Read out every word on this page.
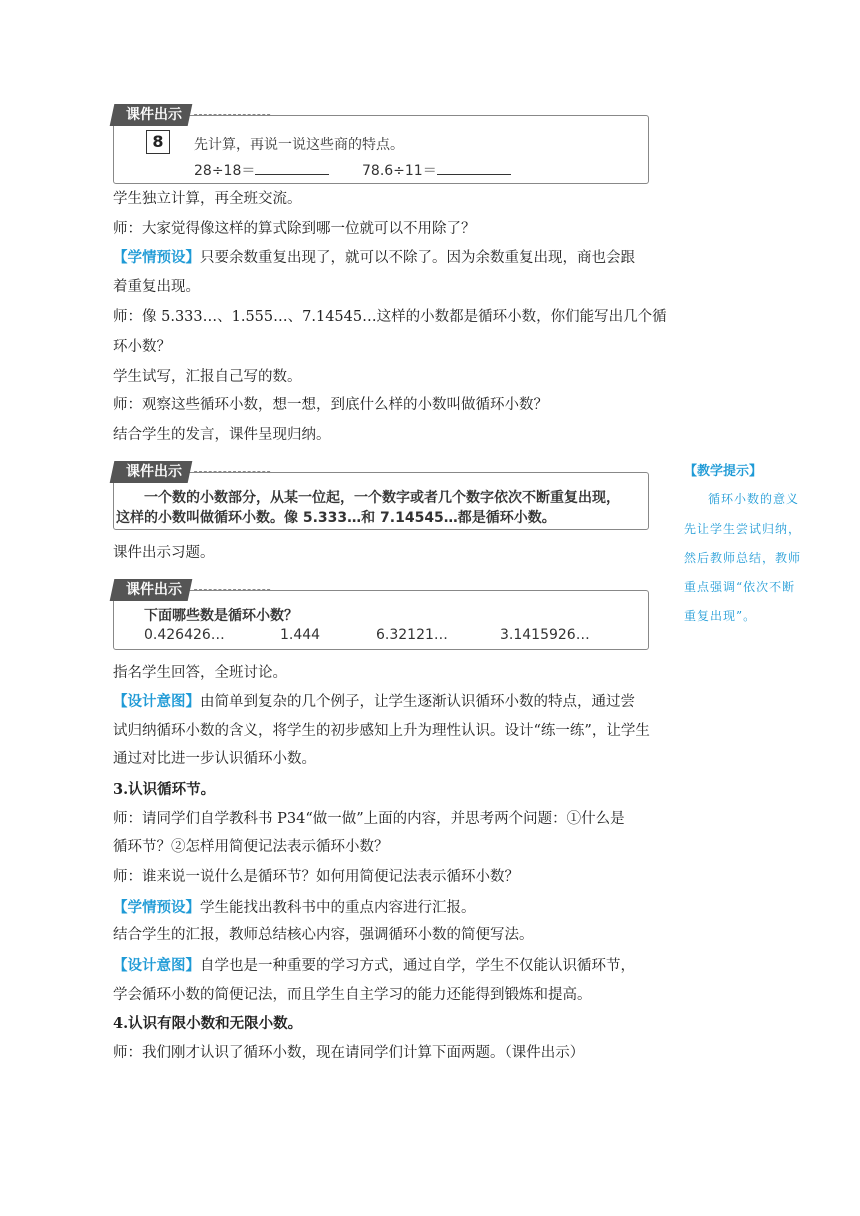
课件出示
8	先计算，再说一说这些商的特点。
28÷18＝	78.6÷11＝
学生独立计算，再全班交流。
师：大家觉得像这样的算式除到哪一位就可以不用除了？
【学情预设】只要余数重复出现了，就可以不除了。因为余数重复出现，商也会跟
着重复出现。
师：像 5.333…、1.555…、7.14545…这样的小数都是循环小数，你们能写出几个循
环小数？
学生试写，汇报自己写的数。
师：观察这些循环小数，想一想，到底什么样的小数叫做循环小数？
结合学生的发言，课件呈现归纳。
课件出示
一个数的小数部分，从某一位起，一个数字或者几个数字依次不断重复出现，
这样的小数叫做循环小数。像 5.333…和 7.14545…都是循环小数。
课件出示习题。
课件出示
下面哪些数是循环小数？
0.426426…	1.444	6.32121…	3.1415926…
指名学生回答，全班讨论。
【设计意图】由简单到复杂的几个例子，让学生逐渐认识循环小数的特点，通过尝
试归纳循环小数的含义，将学生的初步感知上升为理性认识。设计“练一练”，让学生
通过对比进一步认识循环小数。
3.认识循环节。
师：请同学们自学教科书 P34“做一做”上面的内容，并思考两个问题：①什么是
循环节？②怎样用简便记法表示循环小数？
师：谁来说一说什么是循环节？如何用简便记法表示循环小数？
【学情预设】学生能找出教科书中的重点内容进行汇报。
结合学生的汇报，教师总结核心内容，强调循环小数的简便写法。
【设计意图】自学也是一种重要的学习方式，通过自学，学生不仅能认识循环节，
学会循环小数的简便记法，而且学生自主学习的能力还能得到锻炼和提高。
4.认识有限小数和无限小数。
师：我们刚才认识了循环小数，现在请同学们计算下面两题。（课件出示）
【教学提示】
循环小数的意义
先让学生尝试归纳，
然后教师总结，教师
重点强调“依次不断
重复出现”。
